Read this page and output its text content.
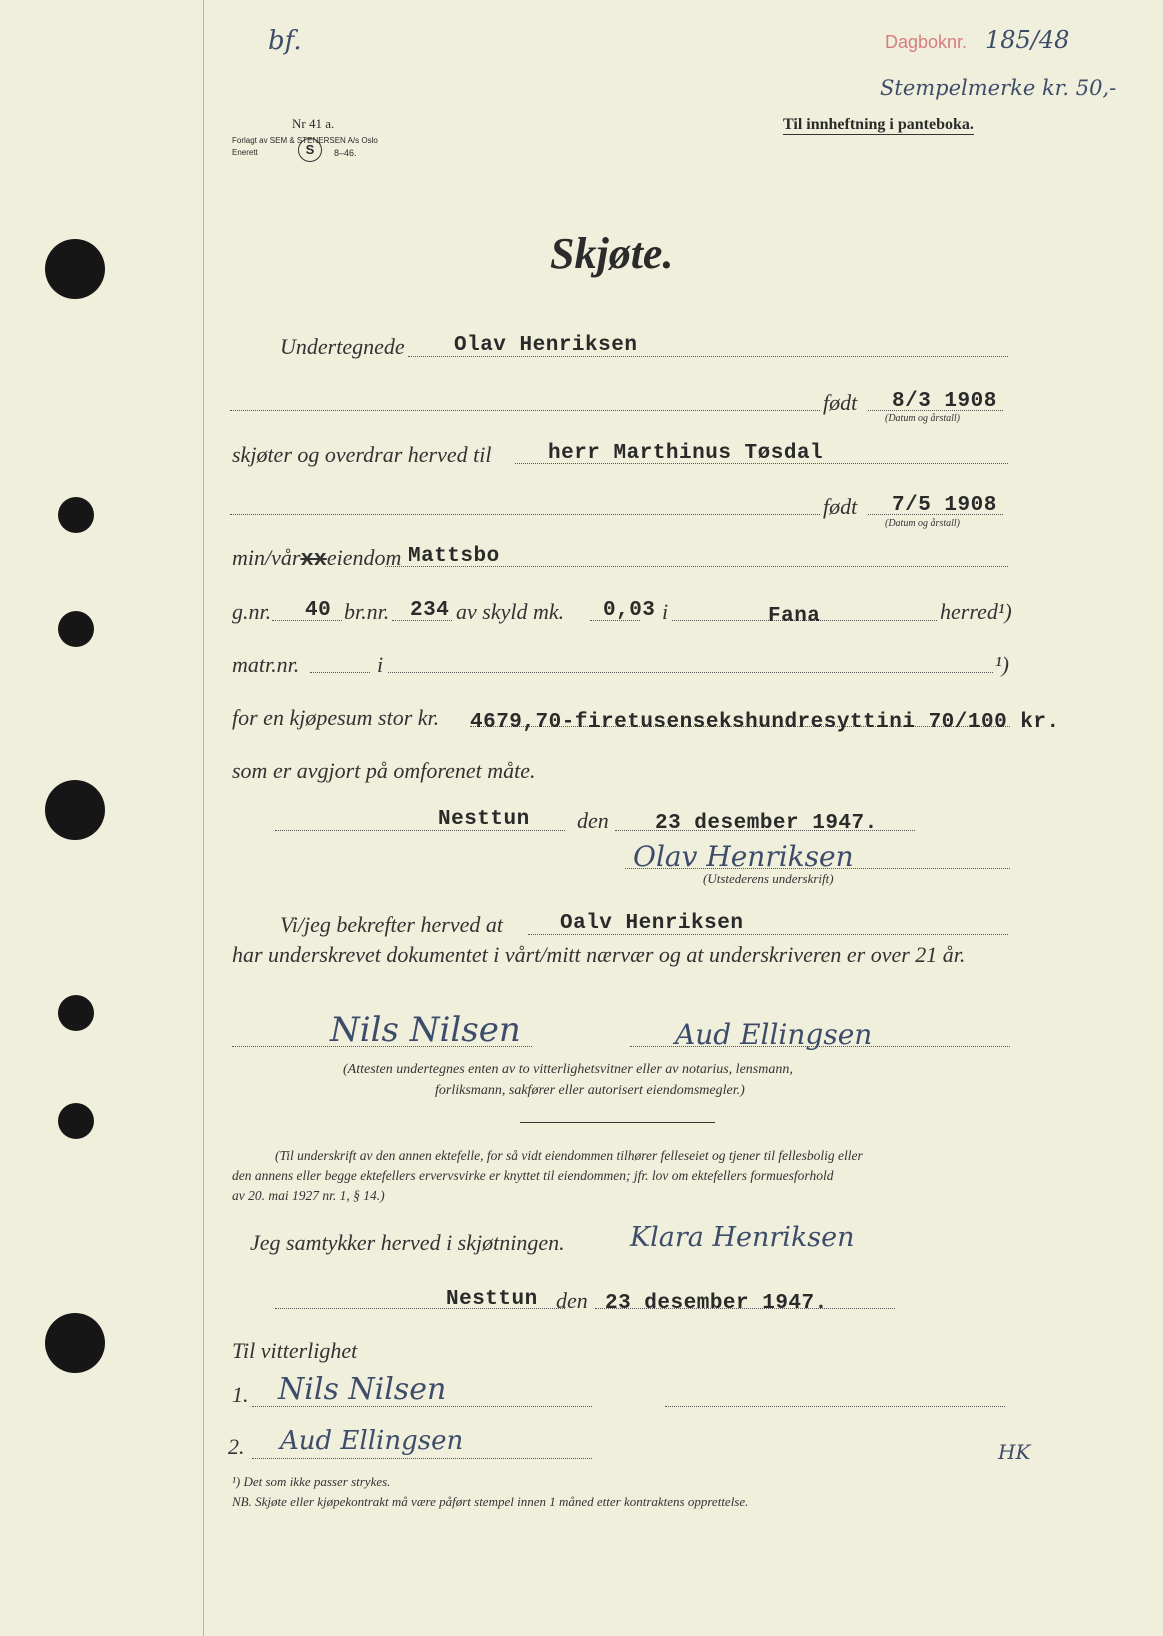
bf.	Dagboknr. 185/48
Stempelmerke kr. 50,-
Nr 41 a.
Forlagt av SEM & STENERSEN A/s Oslo
Enerett	S	8–46.
Til innheftning i panteboka.
Skjøte.
Undertegnede Olav Henriksen
født 8/3 1908
(Datum og årstall)
skjøter og overdrar herved til	herr Marthinus Tøsdal
født 7/5 1908
(Datum og årstall)
min/vårxxeiendom Mattsbo
g.nr. 40 br.nr. 234 av skyld mk. 0,03 i	Fana	herred¹)
matr.nr.	i	¹)
for en kjøpesum stor kr. 4679,70-firetusensekshundresyttini 70/100 kr.
som er avgjort på omforenet måte.
Nesttun den 23 desember 1947.
Olav Henriksen
(Utstederens underskrift)
Vi/jeg bekrefter herved at	Oalv Henriksen
har underskrevet dokumentet i vårt/mitt nærvær og at underskriveren er over 21 år.
Nils Nilsen	Aud Ellingsen
(Attesten undertegnes enten av to vitterlighetsvitner eller av notarius, lensmann,
forliksmann, sakfører eller autorisert eiendomsmegler.)
(Til underskrift av den annen ektefelle, for så vidt eiendommen tilhører felleseiet og tjener til fellesbolig eller
den annens eller begge ektefellers ervervsvirke er knyttet til eiendommen; jfr. lov om ektefellers formuesforhold
av 20. mai 1927 nr. 1, § 14.)
Jeg samtykker herved i skjøtningen. Klara Henriksen
Nesttun den 23 desember 1947.
Til vitterlighet
1. Nils Nilsen
2. Aud Ellingsen	HK
¹) Det som ikke passer strykes.
NB. Skjøte eller kjøpekontrakt må være påført stempel innen 1 måned etter kontraktens opprettelse.
